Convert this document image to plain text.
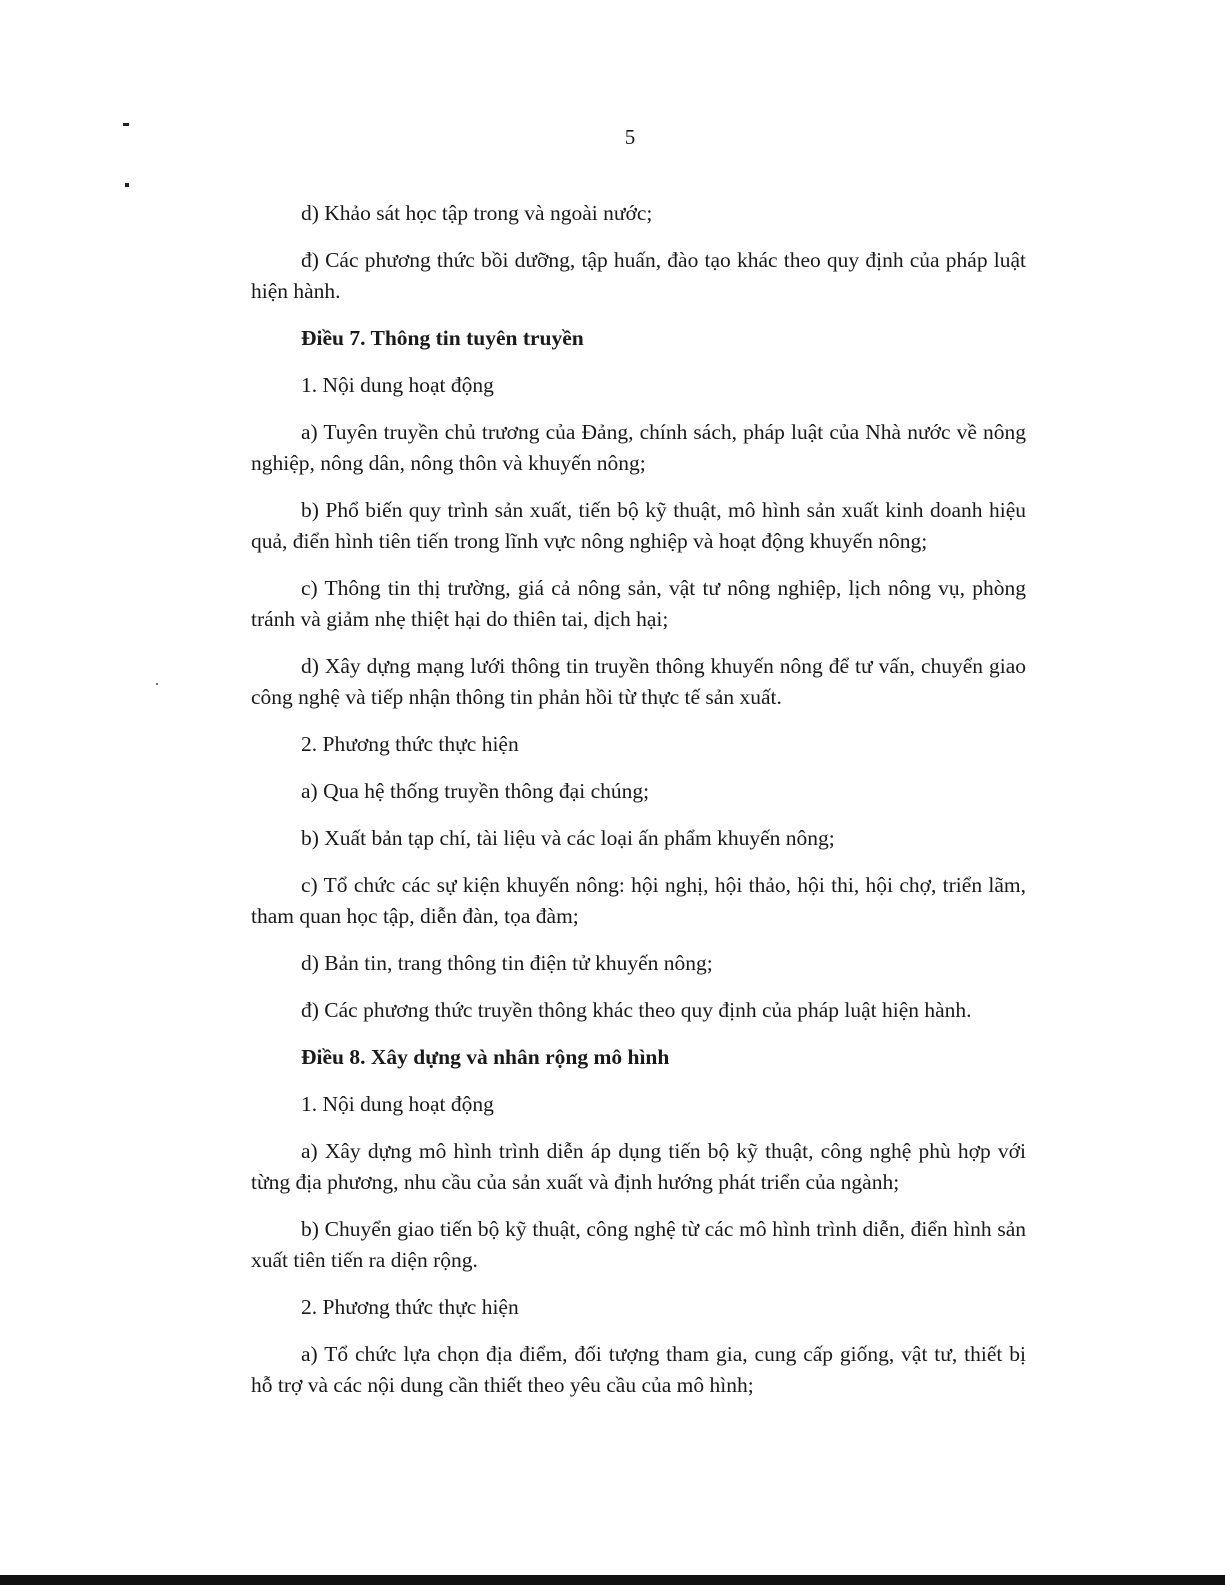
5

d) Khảo sát học tập trong và ngoài nước;

đ) Các phương thức bồi dưỡng, tập huấn, đào tạo khác theo quy định của pháp luật hiện hành.

Điều 7. Thông tin tuyên truyền

1. Nội dung hoạt động

a) Tuyên truyền chủ trương của Đảng, chính sách, pháp luật của Nhà nước về nông nghiệp, nông dân, nông thôn và khuyến nông;

b) Phổ biến quy trình sản xuất, tiến bộ kỹ thuật, mô hình sản xuất kinh doanh hiệu quả, điển hình tiên tiến trong lĩnh vực nông nghiệp và hoạt động khuyến nông;

c) Thông tin thị trường, giá cả nông sản, vật tư nông nghiệp, lịch nông vụ, phòng tránh và giảm nhẹ thiệt hại do thiên tai, dịch hại;

d) Xây dựng mạng lưới thông tin truyền thông khuyến nông để tư vấn, chuyển giao công nghệ và tiếp nhận thông tin phản hồi từ thực tế sản xuất.

2. Phương thức thực hiện

a) Qua hệ thống truyền thông đại chúng;

b) Xuất bản tạp chí, tài liệu và các loại ấn phẩm khuyến nông;

c) Tổ chức các sự kiện khuyến nông: hội nghị, hội thảo, hội thi, hội chợ, triển lãm, tham quan học tập, diễn đàn, tọa đàm;

d) Bản tin, trang thông tin điện tử khuyến nông;

đ) Các phương thức truyền thông khác theo quy định của pháp luật hiện hành.

Điều 8. Xây dựng và nhân rộng mô hình

1. Nội dung hoạt động

a) Xây dựng mô hình trình diễn áp dụng tiến bộ kỹ thuật, công nghệ phù hợp với từng địa phương, nhu cầu của sản xuất và định hướng phát triển của ngành;

b) Chuyển giao tiến bộ kỹ thuật, công nghệ từ các mô hình trình diễn, điển hình sản xuất tiên tiến ra diện rộng.

2. Phương thức thực hiện

a) Tổ chức lựa chọn địa điểm, đối tượng tham gia, cung cấp giống, vật tư, thiết bị hỗ trợ và các nội dung cần thiết theo yêu cầu của mô hình;
